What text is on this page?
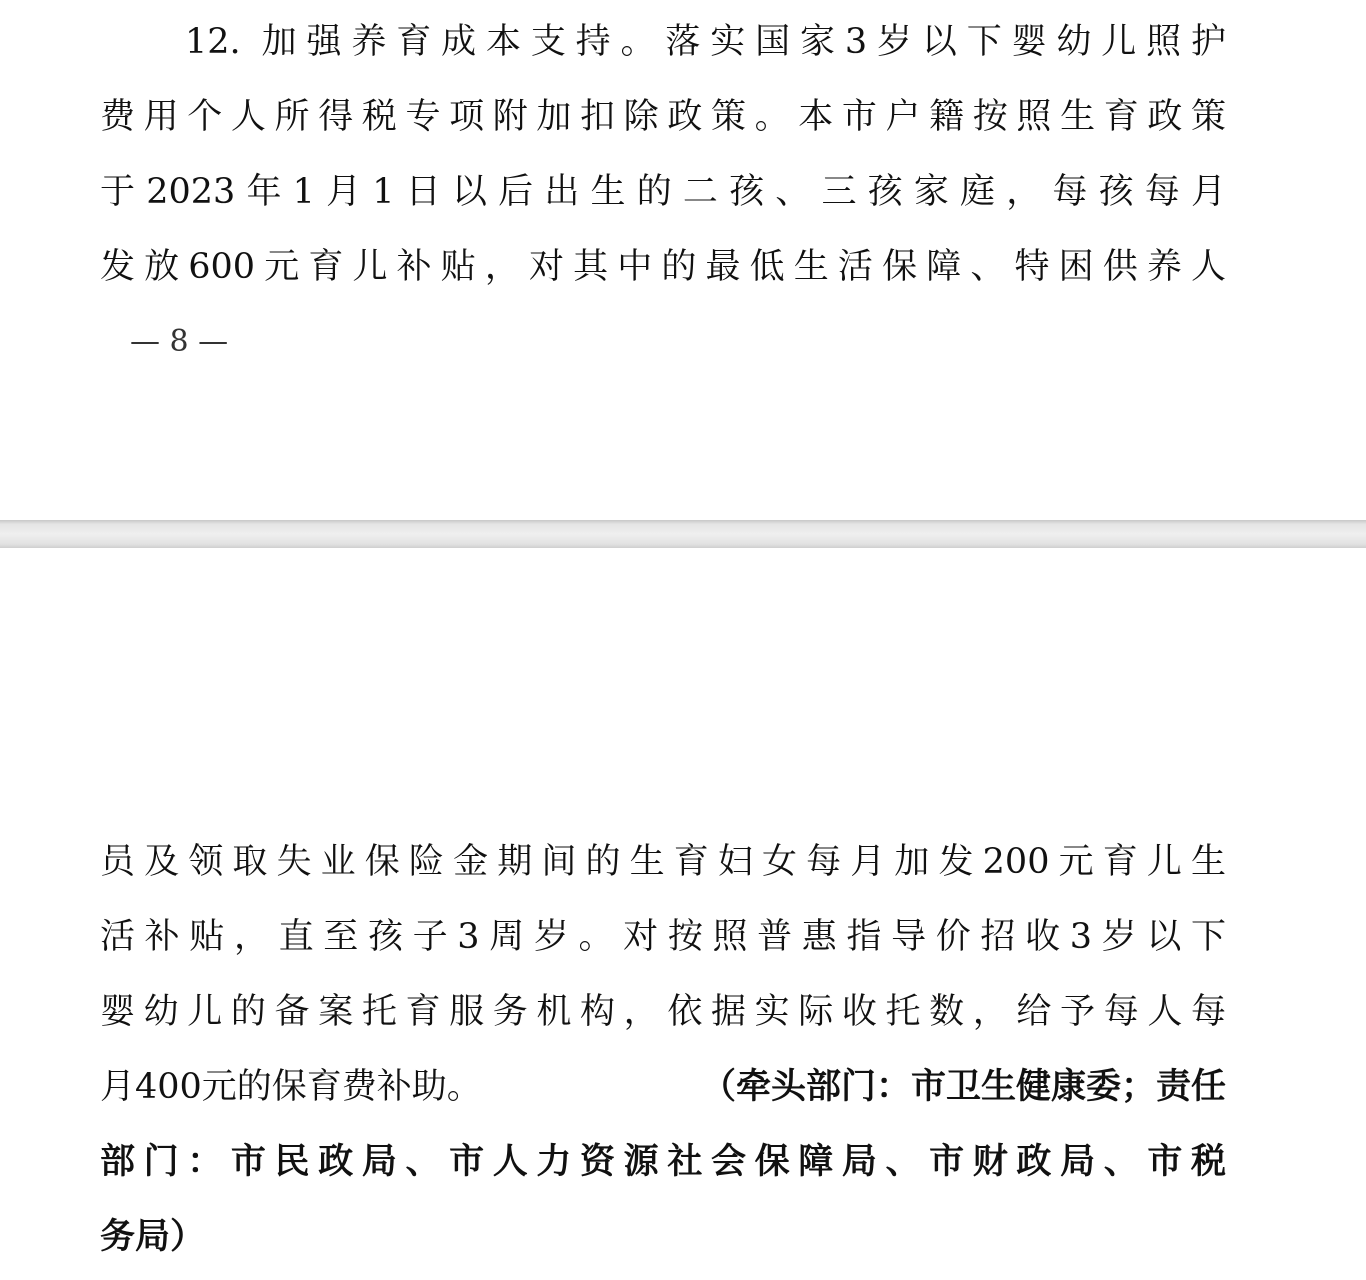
12. 加强养育成本支持。落实国家3岁以下婴幼儿照护
费用个人所得税专项附加扣除政策。本市户籍按照生育政策
于2023年1月1日以后出生的二孩、三孩家庭，每孩每月
发放600元育儿补贴，对其中的最低生活保障、特困供养人
— 8 —
员及领取失业保险金期间的生育妇女每月加发200元育儿生
活补贴，直至孩子3周岁。对按照普惠指导价招收3岁以下
婴幼儿的备案托育服务机构，依据实际收托数，给予每人每
月400元的保育费补助。	（牵头部门：市卫生健康委；责任
部门：市民政局、市人力资源社会保障局、市财政局、市税
务局）
